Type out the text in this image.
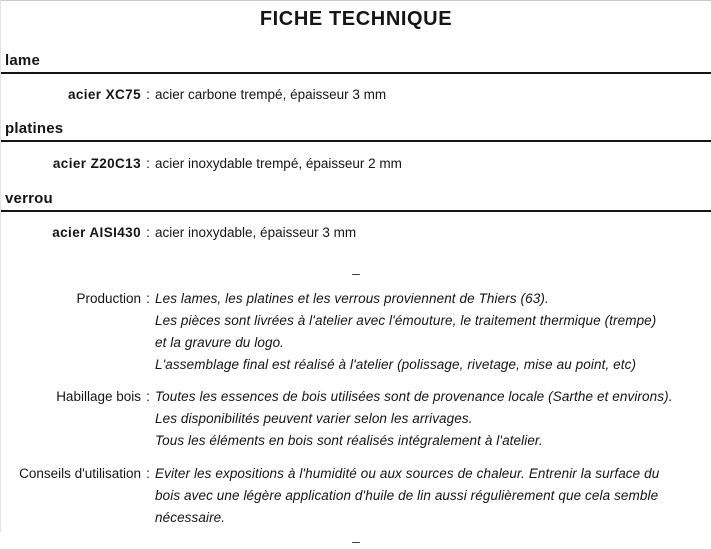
FICHE TECHNIQUE
lame
acier XC75 : acier carbone trempé, épaisseur 3 mm
platines
acier Z20C13 : acier inoxydable trempé, épaisseur 2 mm
verrou
acier AISI430 : acier inoxydable, épaisseur 3 mm
–
Production : Les lames, les platines et les verrous proviennent de Thiers (63).
Les pièces sont livrées à l'atelier avec l'émouture, le traitement thermique (trempe)
et la gravure du logo.
L'assemblage final est réalisé à l'atelier (polissage, rivetage, mise au point, etc)
Habillage bois : Toutes les essences de bois utilisées sont de provenance locale (Sarthe et environs).
Les disponibilités peuvent varier selon les arrivages.
Tous les éléments en bois sont réalisés intégralement à l'atelier.
Conseils d'utilisation : Eviter les expositions à l'humidité ou aux sources de chaleur. Entrenir la surface du
bois avec une légère application d'huile de lin aussi régulièrement que cela semble
nécessaire.
–
